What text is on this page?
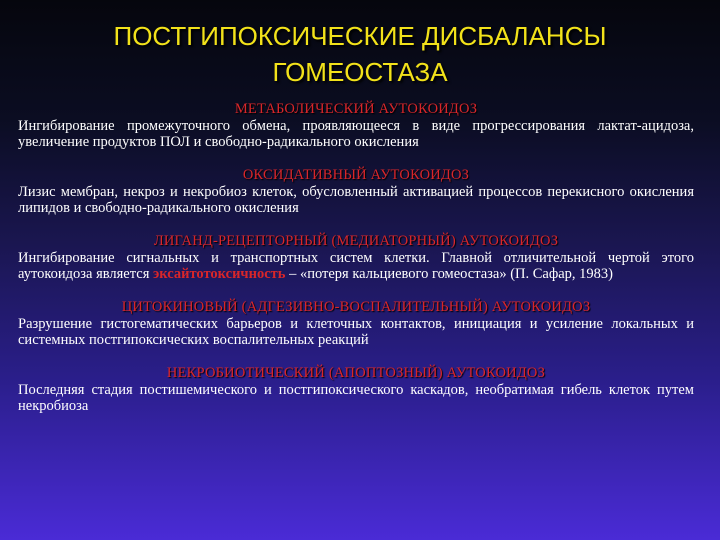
ПОСТГИПОКСИЧЕСКИЕ ДИСБАЛАНСЫ
ГОМЕОСТАЗА
МЕТАБОЛИЧЕСКИЙ АУТОКОИДОЗ
Ингибирование промежуточного обмена, проявляющееся в виде прогрессирования лактат-ацидоза, увеличение продуктов ПОЛ и свободно-радикального окисления
ОКСИДАТИВНЫЙ АУТОКОИДОЗ
Лизис мембран, некроз и некробиоз клеток, обусловленный активацией процессов перекисного окисления липидов и свободно-радикального окисления
ЛИГАНД-РЕЦЕПТОРНЫЙ (МЕДИАТОРНЫЙ) АУТОКОИДОЗ
Ингибирование сигнальных и транспортных систем клетки. Главной отличительной чертой этого аутокоидоза является эксайтотоксичность – «потеря кальциевого гомеостаза» (П. Сафар, 1983)
ЦИТОКИНОВЫЙ (АДГЕЗИВНО-ВОСПАЛИТЕЛЬНЫЙ) АУТОКОИДОЗ
Разрушение гистогематических барьеров и клеточных контактов, инициация и усиление локальных и системных постгипоксических воспалительных реакций
НЕКРОБИОТИЧЕСКИЙ (АПОПТОЗНЫЙ) АУТОКОИДОЗ
Последняя стадия постишемического и постгипоксического каскадов, необратимая гибель клеток путем некробиоза
